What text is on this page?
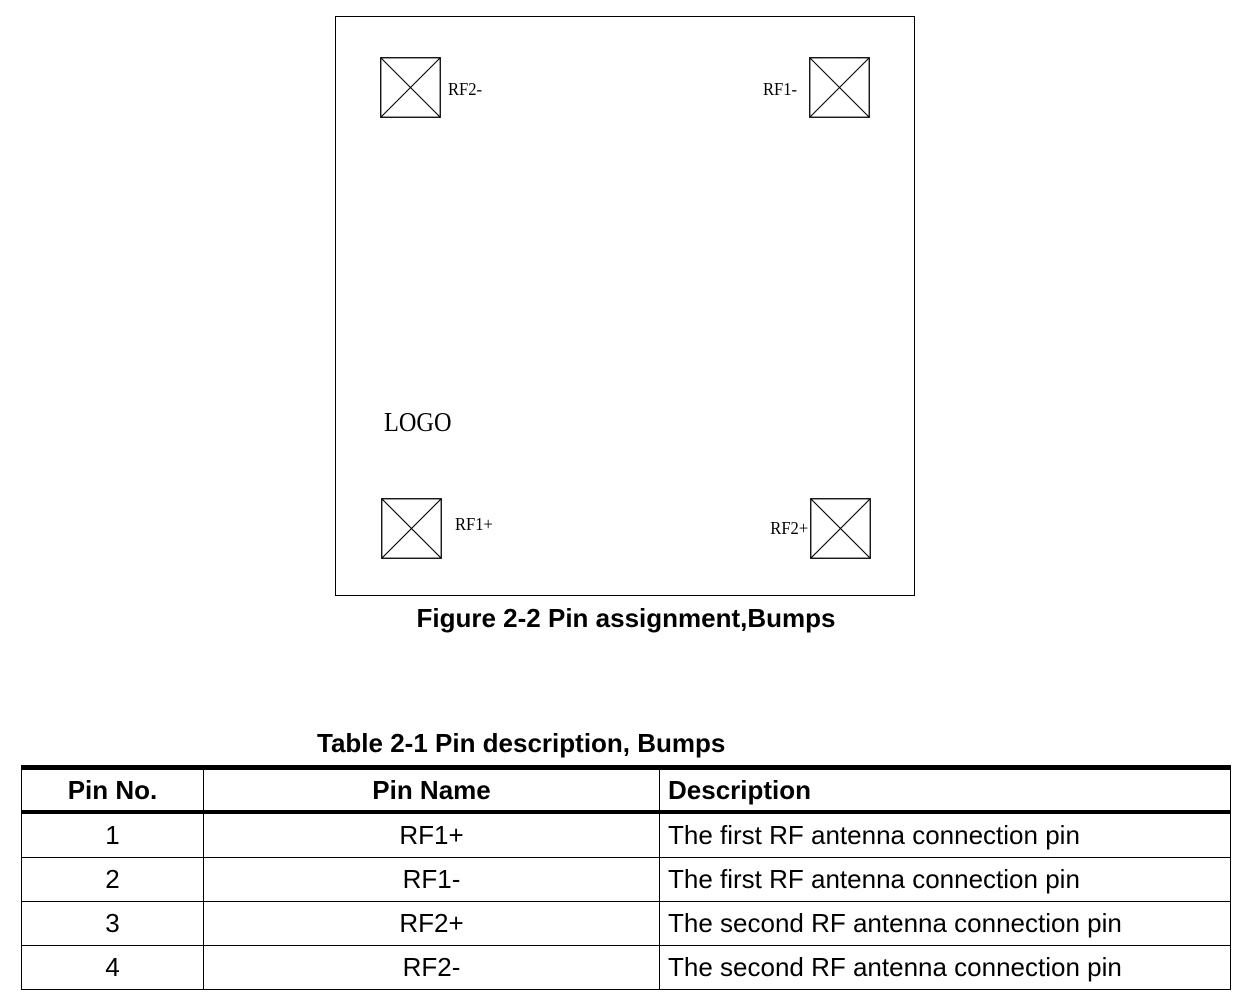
RF2-	RF1-
RF1+	RF2+
LOGO
Figure 2-2 Pin assignment,Bumps
Table 2-1 Pin description, Bumps
Pin No.	Pin Name	Description
1	RF1+	The first RF antenna connection pin
2	RF1-	The first RF antenna connection pin
3	RF2+	The second RF antenna connection pin
4	RF2-	The second RF antenna connection pin
